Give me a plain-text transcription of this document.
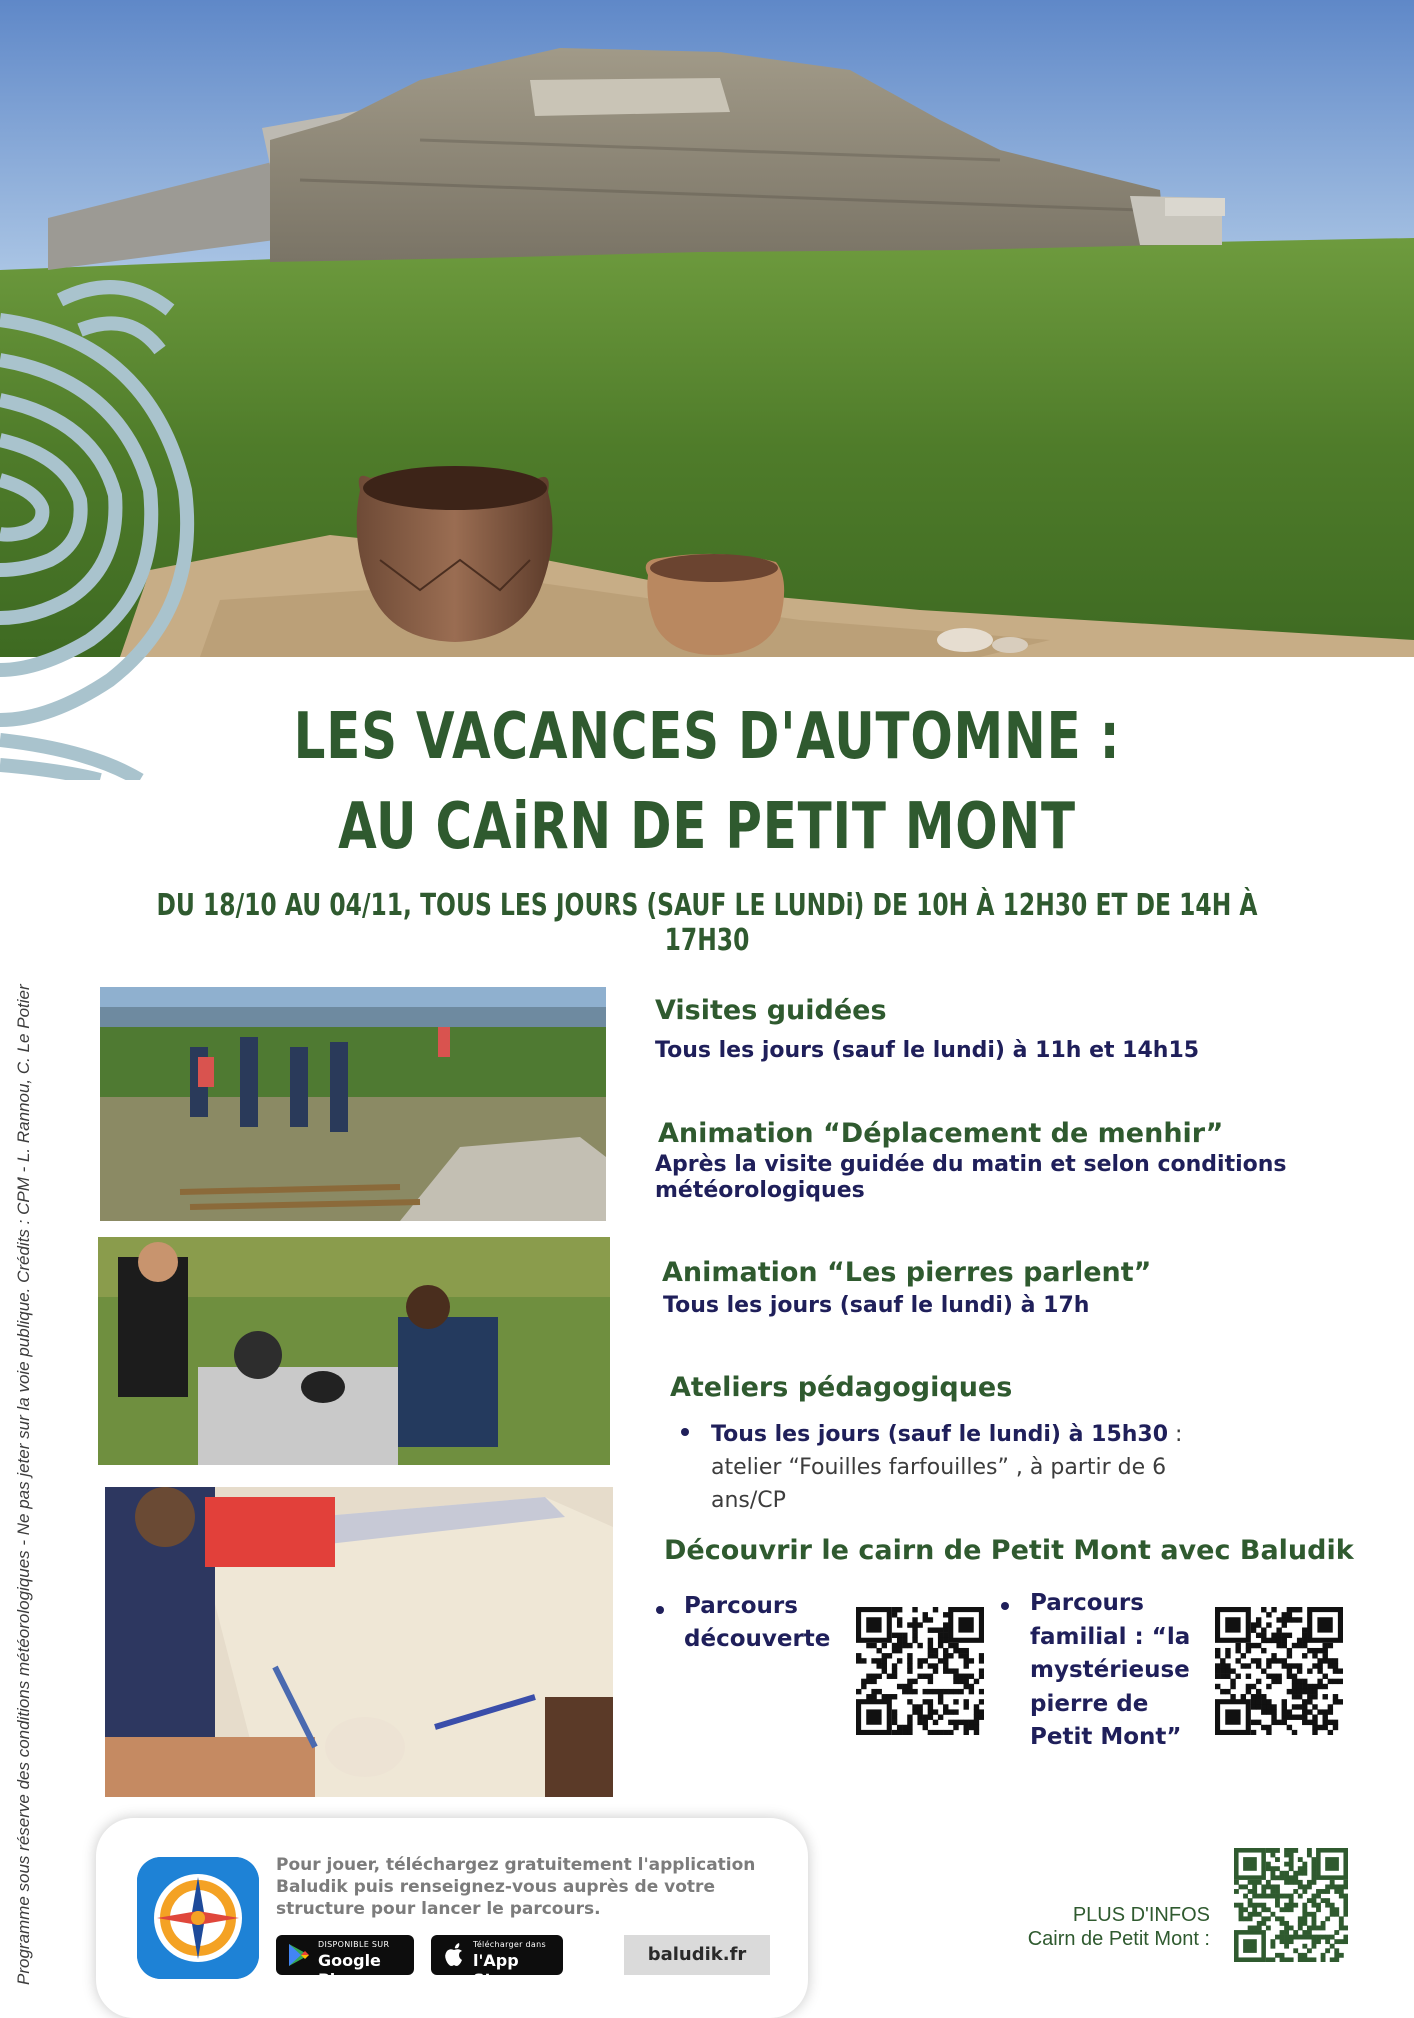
Programme sous réserve des conditions météorologiques - Ne pas jeter sur la voie publique. Crédits : CPM - L. Rannou, C. Le Potier
LES VACANCES D'AUTOMNE :
AU CAiRN DE PETIT MONT
DU 18/10 AU 04/11, TOUS LES JOURS (SAUF LE LUNDi) DE 10H À 12H30 ET DE 14H À 17H30
Visites guidées
Tous les jours (sauf le lundi) à 11h et 14h15
Animation “Déplacement de menhir”
Après la visite guidée du matin et selon conditions météorologiques
Animation “Les pierres parlent”
Tous les jours (sauf le lundi) à 17h
Ateliers pédagogiques
Tous les jours (sauf le lundi) à 15h30 : atelier “Fouilles farfouilles” , à partir de 6 ans/CP
Découvrir le cairn de Petit Mont avec Baludik
Parcours découverte
Parcours familial : “la mystérieuse pierre de Petit Mont”
Pour jouer, téléchargez gratuitement l'application Baludik puis renseignez-vous auprès de votre structure pour lancer le parcours.
DISPONIBLE SUR
Google Play
Télécharger dans
l'App Store
baludik.fr
PLUS D'INFOS
Cairn de Petit Mont :
